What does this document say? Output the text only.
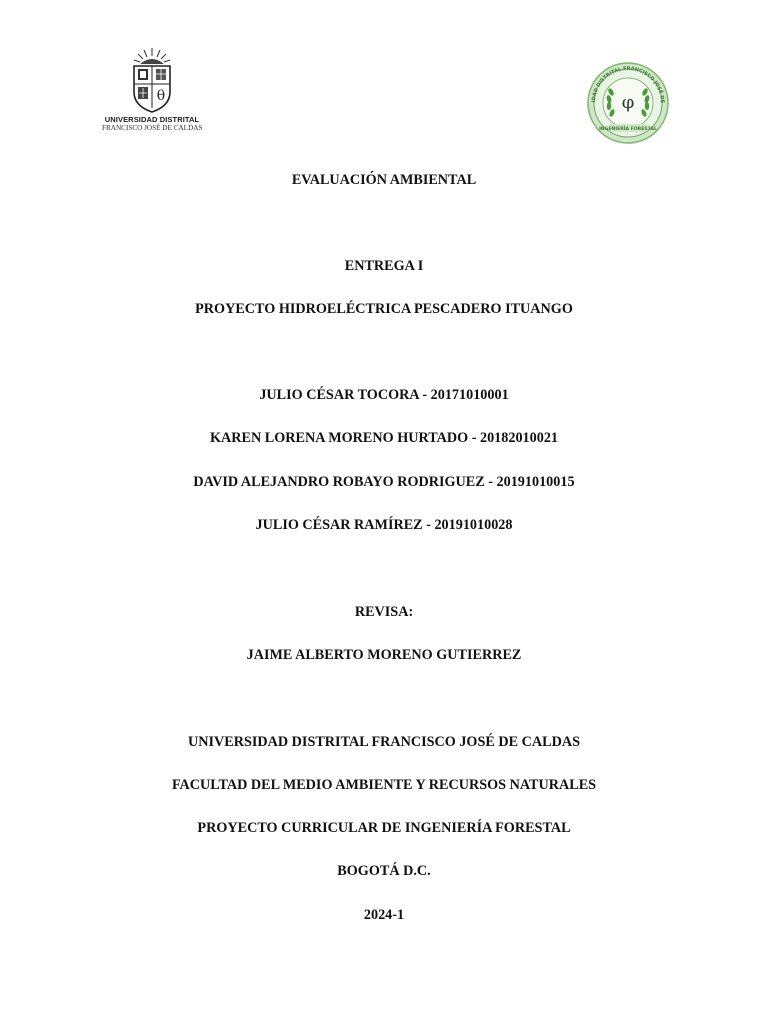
θ
UNIVERSIDAD DISTRITAL
FRANCISCO JOSÉ DE CALDAS
IDAD DISTRITAL FRANCISCO JOSÉ DE
φ
INGENIERÍA FORESTAL
EVALUACIÓN AMBIENTAL
ENTREGA I
PROYECTO HIDROELÉCTRICA PESCADERO ITUANGO
JULIO CÉSAR TOCORA - 20171010001
KAREN LORENA MORENO HURTADO - 20182010021
DAVID ALEJANDRO ROBAYO RODRIGUEZ - 20191010015
JULIO CÉSAR RAMÍREZ - 20191010028
REVISA:
JAIME ALBERTO MORENO GUTIERREZ
UNIVERSIDAD DISTRITAL FRANCISCO JOSÉ DE CALDAS
FACULTAD DEL MEDIO AMBIENTE Y RECURSOS NATURALES
PROYECTO CURRICULAR DE INGENIERÍA FORESTAL
BOGOTÁ D.C.
2024-1
